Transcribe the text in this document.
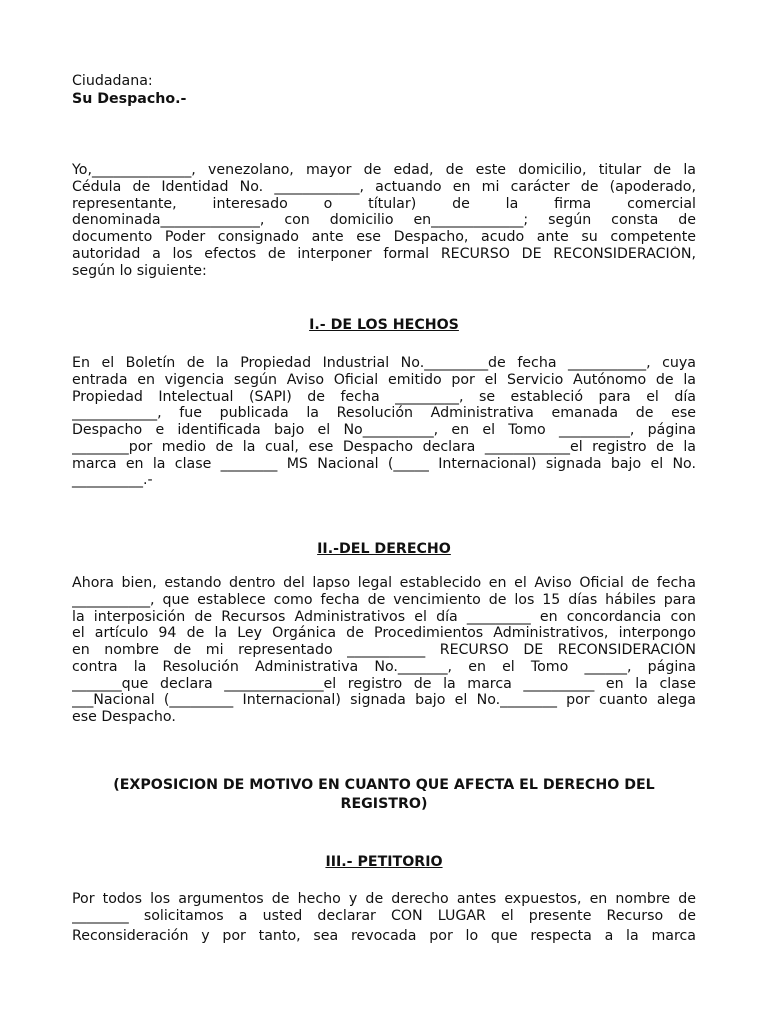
Ciudadana:
Su Despacho.-
Yo,______________, venezolano, mayor de edad, de este domicilio, titular de la
Cédula de Identidad No. ____________, actuando en mi carácter de (apoderado,
representante, interesado o títular) de la firma comercial
denominada______________, con domicilio en_____________; según consta de
documento Poder consignado ante ese Despacho, acudo ante su competente
autoridad a los efectos de interponer formal RECURSO DE RECONSIDERACIÓN,
según lo siguiente:
I.- DE LOS HECHOS
En el Boletín de la Propiedad Industrial No._________de fecha ___________, cuya
entrada en vigencia según Aviso Oficial emitido por el Servicio Autónomo de la
Propiedad Intelectual (SAPI) de fecha _________, se estableció para el día
____________, fue publicada la Resolución Administrativa emanada de ese
Despacho e identificada bajo el No__________, en el Tomo __________, página
________por medio de la cual, ese Despacho declara ____________el registro de la
marca en la clase ________ MS Nacional (_____ Internacional) signada bajo el No.
__________.-
II.-DEL DERECHO
Ahora bien, estando dentro del lapso legal establecido en el Aviso Oficial de fecha
___________, que establece como fecha de vencimiento de los 15 días hábiles para
la interposición de Recursos Administrativos el día _________ en concordancia con
el artículo 94 de la Ley Orgánica de Procedimientos Administrativos, interpongo
en nombre de mi representado ___________ RECURSO DE RECONSIDERACIÓN
contra la Resolución Administrativa No._______, en el Tomo ______, página
_______que declara ______________el registro de la marca __________ en la clase
___Nacional (_________ Internacional) signada bajo el No.________ por cuanto alega
ese Despacho.
(EXPOSICION DE MOTIVO EN CUANTO QUE AFECTA EL DERECHO DEL
REGISTRO)
III.- PETITORIO
Por todos los argumentos de hecho y de derecho antes expuestos, en nombre de
________ solicitamos a usted declarar CON LUGAR el presente Recurso de
Reconsideración y por tanto, sea revocada por lo que respecta a la marca
